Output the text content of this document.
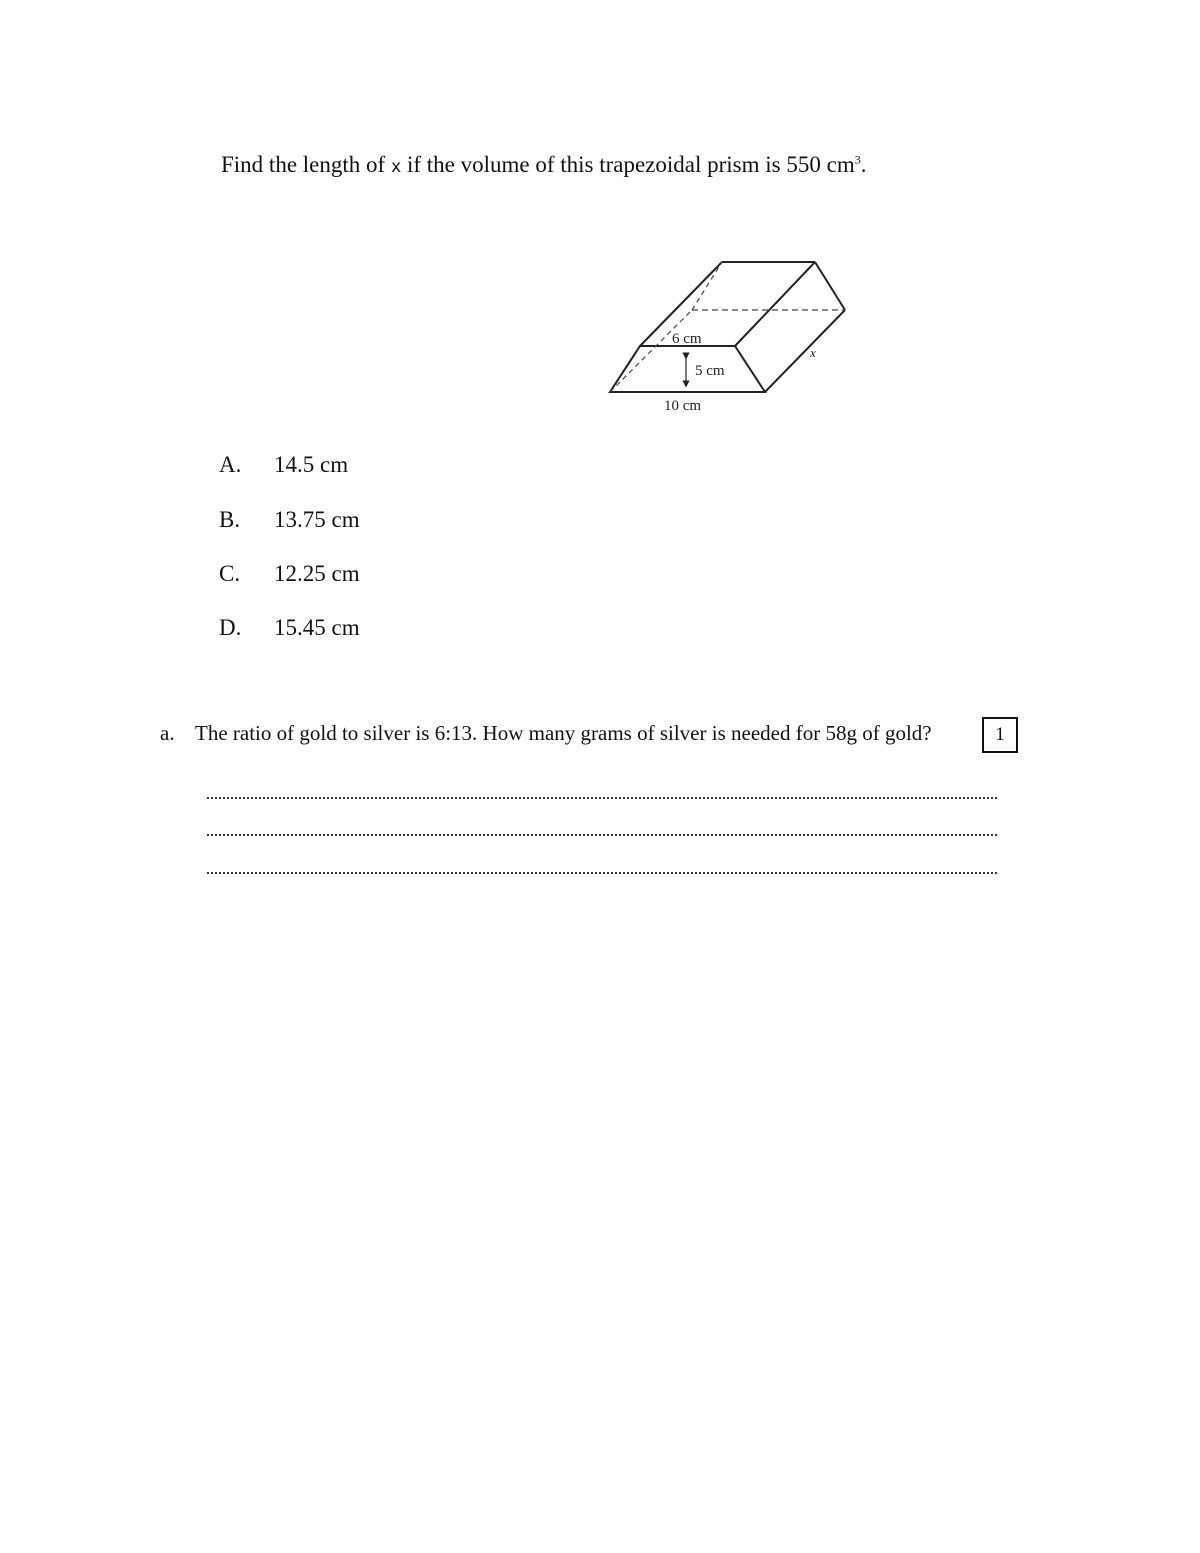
Find the length of x if the volume of this trapezoidal prism is 550 $cm^3$.
6 cm
5 cm
10 cm
x
A. 14.5 cm
B. 13.75 cm
C. 12.25 cm
D. 15.45 cm
a. The ratio of gold to silver is 6:13. How many grams of silver is needed for 58g of gold?	1
